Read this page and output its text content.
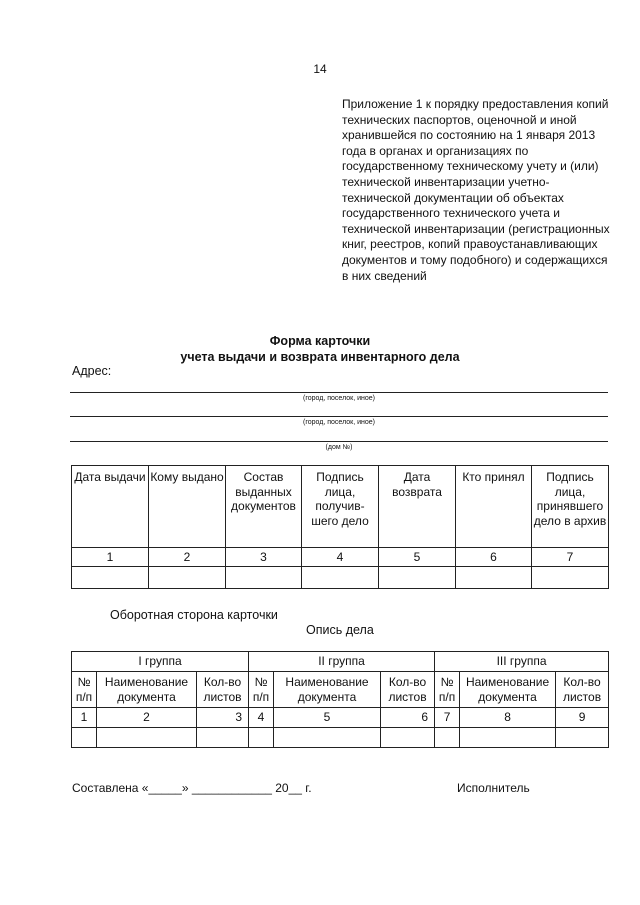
14
Приложение 1 к порядку предоставления копий технических паспортов, оценочной и иной хранившейся по состоянию на 1 января 2013 года в органах и организациях по государственному техническому учету и (или) технической инвентаризации учетно-технической документации об объектах государственного технического учета и технической инвентаризации (регистрационных книг, реестров, копий правоустанавливающих документов и тому подобного) и содержащихся в них сведений
Форма карточки
учета выдачи и возврата инвентарного дела
Адрес:
(город, поселок, иное)
(город, поселок, иное)
(дом №)
Дата выдачи	Кому выдано	Состав выданных документов	Подпись лица, получив-шего дело	Дата возврата	Кто принял	Подпись лица, принявшего дело в архив
1	2	3	4	5	6	7

Оборотная сторона карточки
Опись дела
I группа			II группа			III группа		
№ п/п	Наименование документа	Кол-во листов	№ п/п	Наименование документа	Кол-во листов	№ п/п	Наименование документа	Кол-во листов
1	2	3	4	5	6	7	8	9

Составлена «_____» ____________ 20__ г.	Исполнитель
